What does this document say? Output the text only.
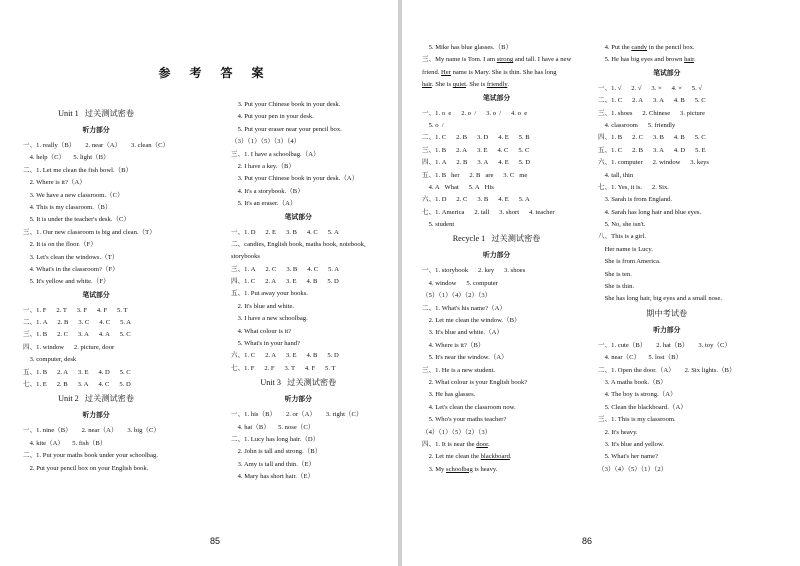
参 考 答 案
Unit 1   过关测试密卷
听力部分
一、1. really（B）      2. near（A）      3. clean（C）
4. help（C）     5. light（B）
二、1. Let me clean the fish bowl.（B）
2. Where is it?（A）
3. We have a new classroom.（C）
4. This is my classroom.（B）
5. It is under the teacher's desk.（C）
三、1. Our new classroom is big and clean.（T）
2. It is on the floor.（F）
3. Let's clean the windows.（T）
4. What's in the classroom?（F）
5. It's yellow and white.（F）
笔试部分
一、1. F      2. T      3. F      4. F      5. T
二、1. A      2. B      3. C      4. C      5. A
三、1. B      2. C      3. A      4. A      5. C
四、1. window      2. picture, door
3. computer, desk
五、1. B      2. A      3. E      4. D      5. C
七、1. E      2. B      3. A      4. C      5. D
Unit 2   过关测试密卷
听力部分
一、1. nine（B）      2. near（A）      3. big（C）
4. kite（A）     5. fish（B）
二、1. Put your maths book under your schoolbag.
2. Put your pencil box on your English book.
3. Put your Chinese book in your desk.
4. Put your pen in your desk.
5. Put your eraser near your pencil box.
（3）（1）（5）（3）（4）
三、1. I have a schoolbag.（A）
2. I have a key.（B）
3. Put your Chinese book in your desk.（A）
4. It's a storybook.（B）
5. It's an eraser.（A）
笔试部分
一、1. D      2. E      3. B      4. C      5. A
二、candies, English book, maths book, notebook,
storybooks
三、1. A      2. C      3. B      4. C      5. A
四、1. C      2. A      3. E      4. B      5. D
五、1. Put away your books.
2. It's blue and white.
3. I have a new schoolbag.
4. What colour is it?
5. What's in your hand?
六、1. C      2. A      3. E      4. B      5. D
七、1. F      2. F      3. T      4. F      5. T
Unit 3   过关测试密卷
听力部分
一、1. his（B）      2. or（A）      3. right（C）
4. hat（B）     5. nose（C）
二、1. Lucy has long hair.（D）
2. John is tall and strong.（B）
3. Amy is tall and thin.（E）
4. Mary has short hair.（E）
85
5. Mike has blue glasses.（B）
三、My name is Tom. I am strong and tall. I have a new
friend. Her name is Mary. She is thin. She has long
hair. She is quiet. She is friendly.
笔试部分
一、1. o  e      2. o  /      3. o  /      4. o  e
5. o  /
二、1. C      2. B      3. D      4. E      5. B
三、1. B      2. A      3. E      4. C      5. C
四、1. A      2. B      3. A      4. E      5. D
五、1. B   her      2. B   are      3. C   me
4. A   What      5. A   His
六、1. D      2. C      3. B      4. E      5. A
七、1. America      2. tall      3. short      4. teacher
5. student
Recycle 1   过关测试密卷
听力部分
一、1. storybook      2. key      3. shoes
4. window      5. computer
（5）（1）（4）（2）（3）
二、1. What's his name?（A）
2. Let me clean the window.（B）
3. It's blue and white.（A）
4. Where is it?（B）
5. It's near the window.（A）
三、1. He is a new student.
2. What colour is your English book?
3. He has glasses.
4. Let's clean the classroom now.
5. Who's your maths teacher?
（4）（1）（5）（2）（3）
四、1. It is near the door.
2. Let me clean the blackboard.
3. My schoolbag is heavy.
4. Put the candy in the pencil box.
5. He has big eyes and brown hair.
笔试部分
一、1. √      2. √      3. ×      4. ×      5. √
二、1. C      2. A      3. A      4. B      5. C
三、1. shoes      2. Chinese      3. picture
4. classroom      5. friendly
四、1. B      2. C      3. B      4. B      5. C
五、1. C      2. B      3. A      4. D      5. E
六、1. computer      2. window      3. keys
4. tall, thin
七、1. Yes, it is.      2. Six.
3. Sarah is from England.
4. Sarah has long hair and blue eyes.
5. No, she isn't.
八、This is a girl.
Her name is Lucy.
She is from America.
She is ten.
She is thin.
She has long hair, big eyes and a small nose.
期中考试卷
听力部分
一、1. cute（B）      2. hat（B）      3. toy（C）
4. near（C）     5. lost（B）
二、1. Open the door.（A）      2. Six lights.（B）
3. A maths book.（B）
4. The boy is strong.（A）
5. Clean the blackboard.（A）
三、1. This is my classroom.
2. It's heavy.
3. It's blue and yellow.
5. What's her name?
（3）（4）（5）（1）（2）
86
